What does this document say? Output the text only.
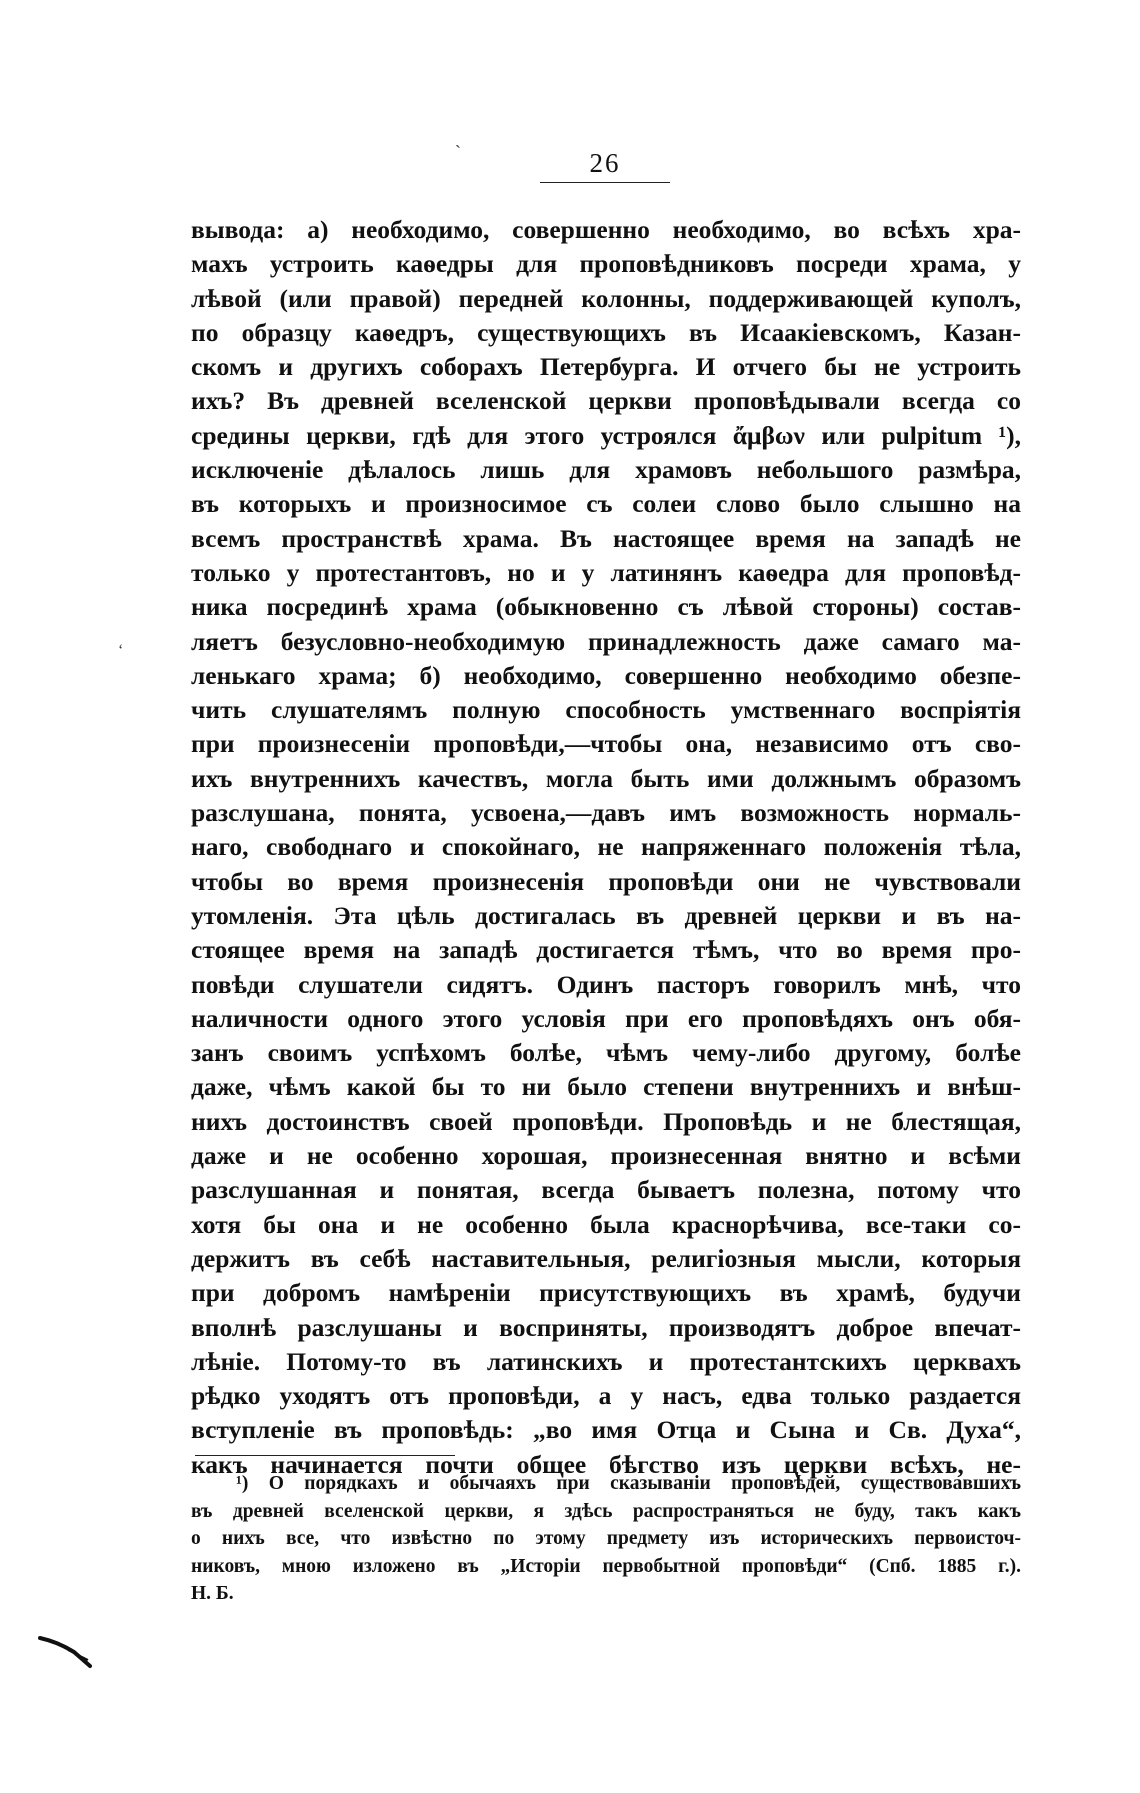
ˋ	26
ʻ
вывода: а) необходимо, совершенно необходимо, во всѣхъ хра-
махъ устроить каѳедры для проповѣдниковъ посреди храма, у
лѣвой (или правой) передней колонны, поддерживающей куполъ,
по образцу каѳедръ, существующихъ въ Исаакіевскомъ, Казан-
скомъ и другихъ соборахъ Петербурга. И отчего бы не устроить
ихъ? Въ древней вселенской церкви проповѣдывали всегда со
средины церкви, гдѣ для этого устроялся ἄμβων или pulpitum ¹),
исключеніе дѣлалось лишь для храмовъ небольшого размѣра,
въ которыхъ и произносимое съ солеи слово было слышно на
всемъ пространствѣ храма. Въ настоящее время на западѣ не
только у протестантовъ, но и у латинянъ каѳедра для проповѣд-
ника посрединѣ храма (обыкновенно съ лѣвой стороны) состав-
ляетъ безусловно-необходимую принадлежность даже самаго ма-
ленькаго храма; б) необходимо, совершенно необходимо обезпе-
чить слушателямъ полную способность умственнаго воспріятія
при произнесеніи проповѣди,—чтобы она, независимо отъ сво-
ихъ внутреннихъ качествъ, могла быть ими должнымъ образомъ
разслушана, понята, усвоена,—давъ имъ возможность нормаль-
наго, свободнаго и спокойнаго, не напряженнаго положенія тѣла,
чтобы во время произнесенія проповѣди они не чувствовали
утомленія. Эта цѣль достигалась въ древней церкви и въ на-
стоящее время на западѣ достигается тѣмъ, что во время про-
повѣди слушатели сидятъ. Одинъ пасторъ говорилъ мнѣ, что
наличности одного этого условія при его проповѣдяхъ онъ обя-
занъ своимъ успѣхомъ болѣе, чѣмъ чему-либо другому, болѣе
даже, чѣмъ какой бы то ни было степени внутреннихъ и внѣш-
нихъ достоинствъ своей проповѣди. Проповѣдь и не блестящая,
даже и не особенно хорошая, произнесенная внятно и всѣми
разслушанная и понятая, всегда бываетъ полезна, потому что
хотя бы она и не особенно была краснорѣчива, все-таки со-
держитъ въ себѣ наставительныя, религіозныя мысли, которыя
при добромъ намѣреніи присутствующихъ въ храмѣ, будучи
вполнѣ разслушаны и восприняты, производятъ доброе впечат-
лѣніе. Потому-то въ латинскихъ и протестантскихъ церквахъ
рѣдко уходятъ отъ проповѣди, а у насъ, едва только раздается
вступленіе въ проповѣдь: „во имя Отца и Сына и Св. Духа“,
какъ начинается почти общее бѣгство изъ церкви всѣхъ, не-
¹) О порядкахъ и обычаяхъ при сказываніи проповѣдей, существовавшихъ
въ древней вселенской церкви, я здѣсь распространяться не буду, такъ какъ
о нихъ все, что извѣстно по этому предмету изъ историческихъ первоисточ-
никовъ, мною изложено въ „Исторіи первобытной проповѣди“ (Спб. 1885 г.).
Н. Б.
